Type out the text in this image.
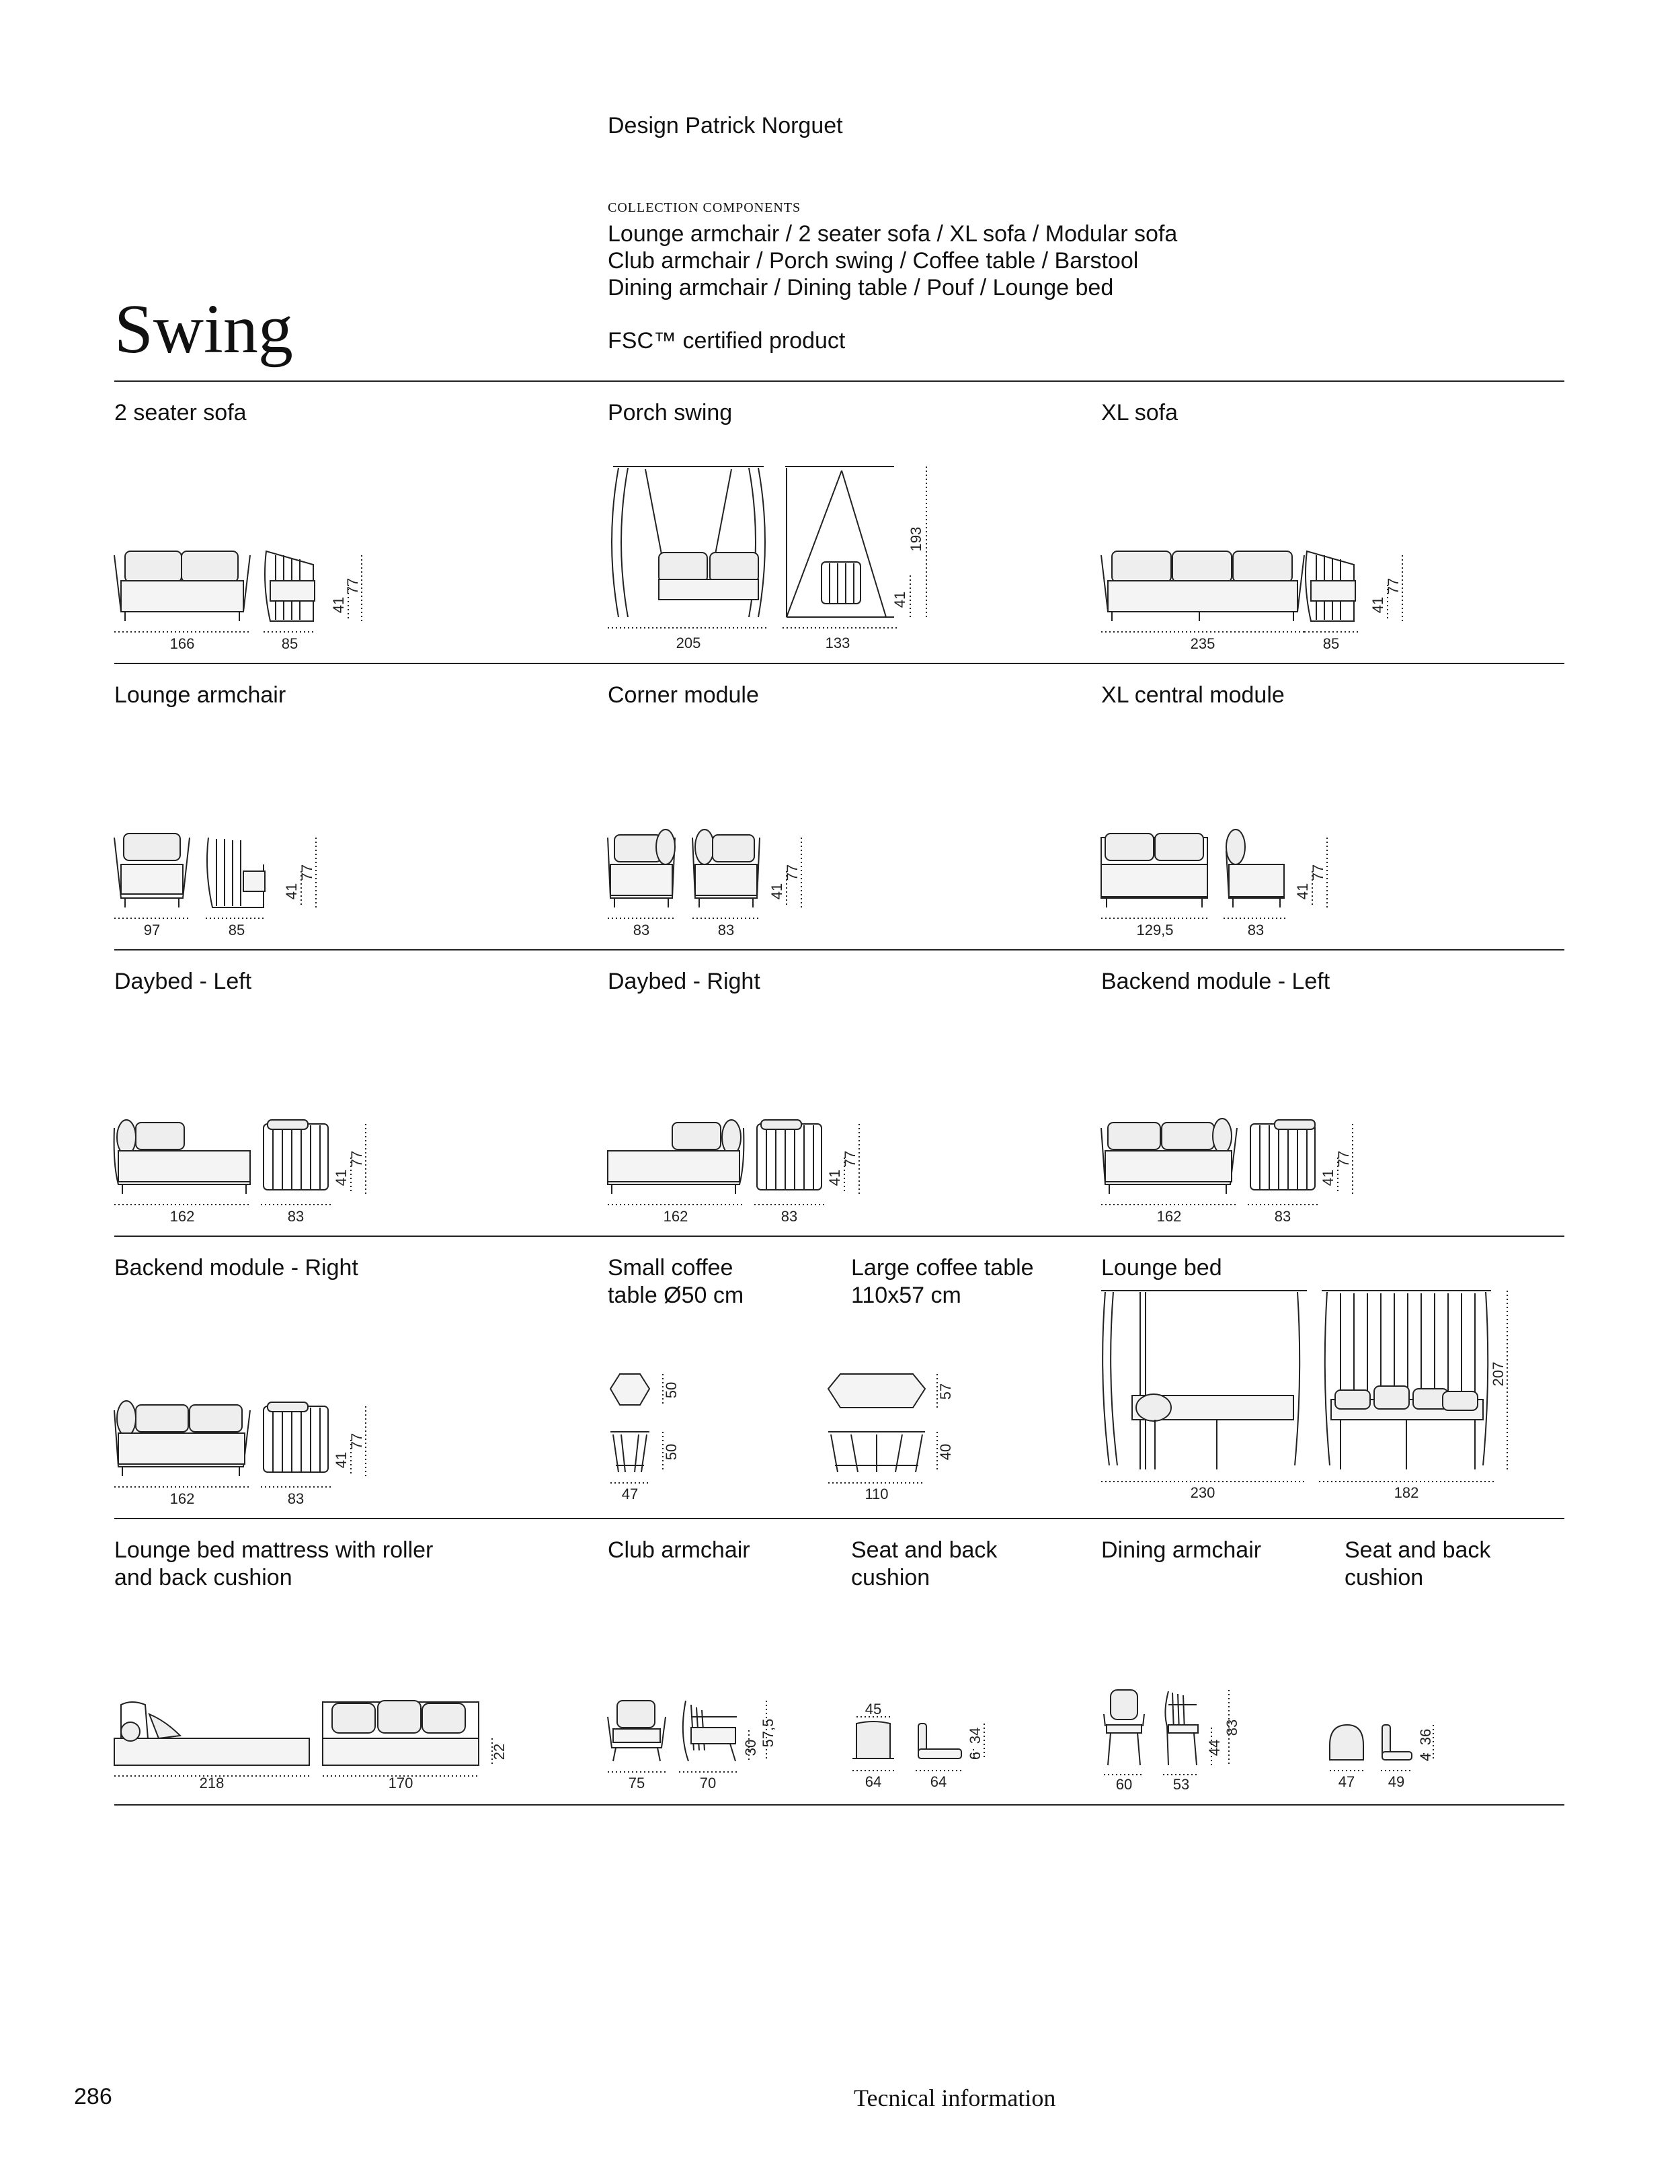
Design Patrick Norguet
COLLECTION COMPONENTS
Lounge armchair / 2 seater sofa / XL sofa / Modular sofa
Club armchair / Porch swing / Coffee table / Barstool
Dining armchair / Dining table / Pouf / Lounge bed
FSC™ certified product
Swing
2 seater sofa	Porch swing	XL sofa
Lounge armchair	Corner module	XL central module
Daybed - Left	Daybed - Right	Backend module - Left
Backend module - Right	Small coffee
table Ø50 cm
Large coffee table
110x57 cm
Lounge bed
Lounge bed mattress with roller
and back cushion
Club armchair	Seat and back
cushion
Dining armchair	Seat and back
cushion
166	85
41
77
205	133
41
193
235	85
41
77
97	85
41
77
83	83
41
77
129,5	83
41
77
162	83
41
77
162	83
41
77
162	83
41
77
162	83
41
77
47
50
50
110
57
40
230	182
207
218	170
22
75	70
30
57,5
45
64	64
6
34
60	53
44
83
47 49
4
36
286	Tecnical information
